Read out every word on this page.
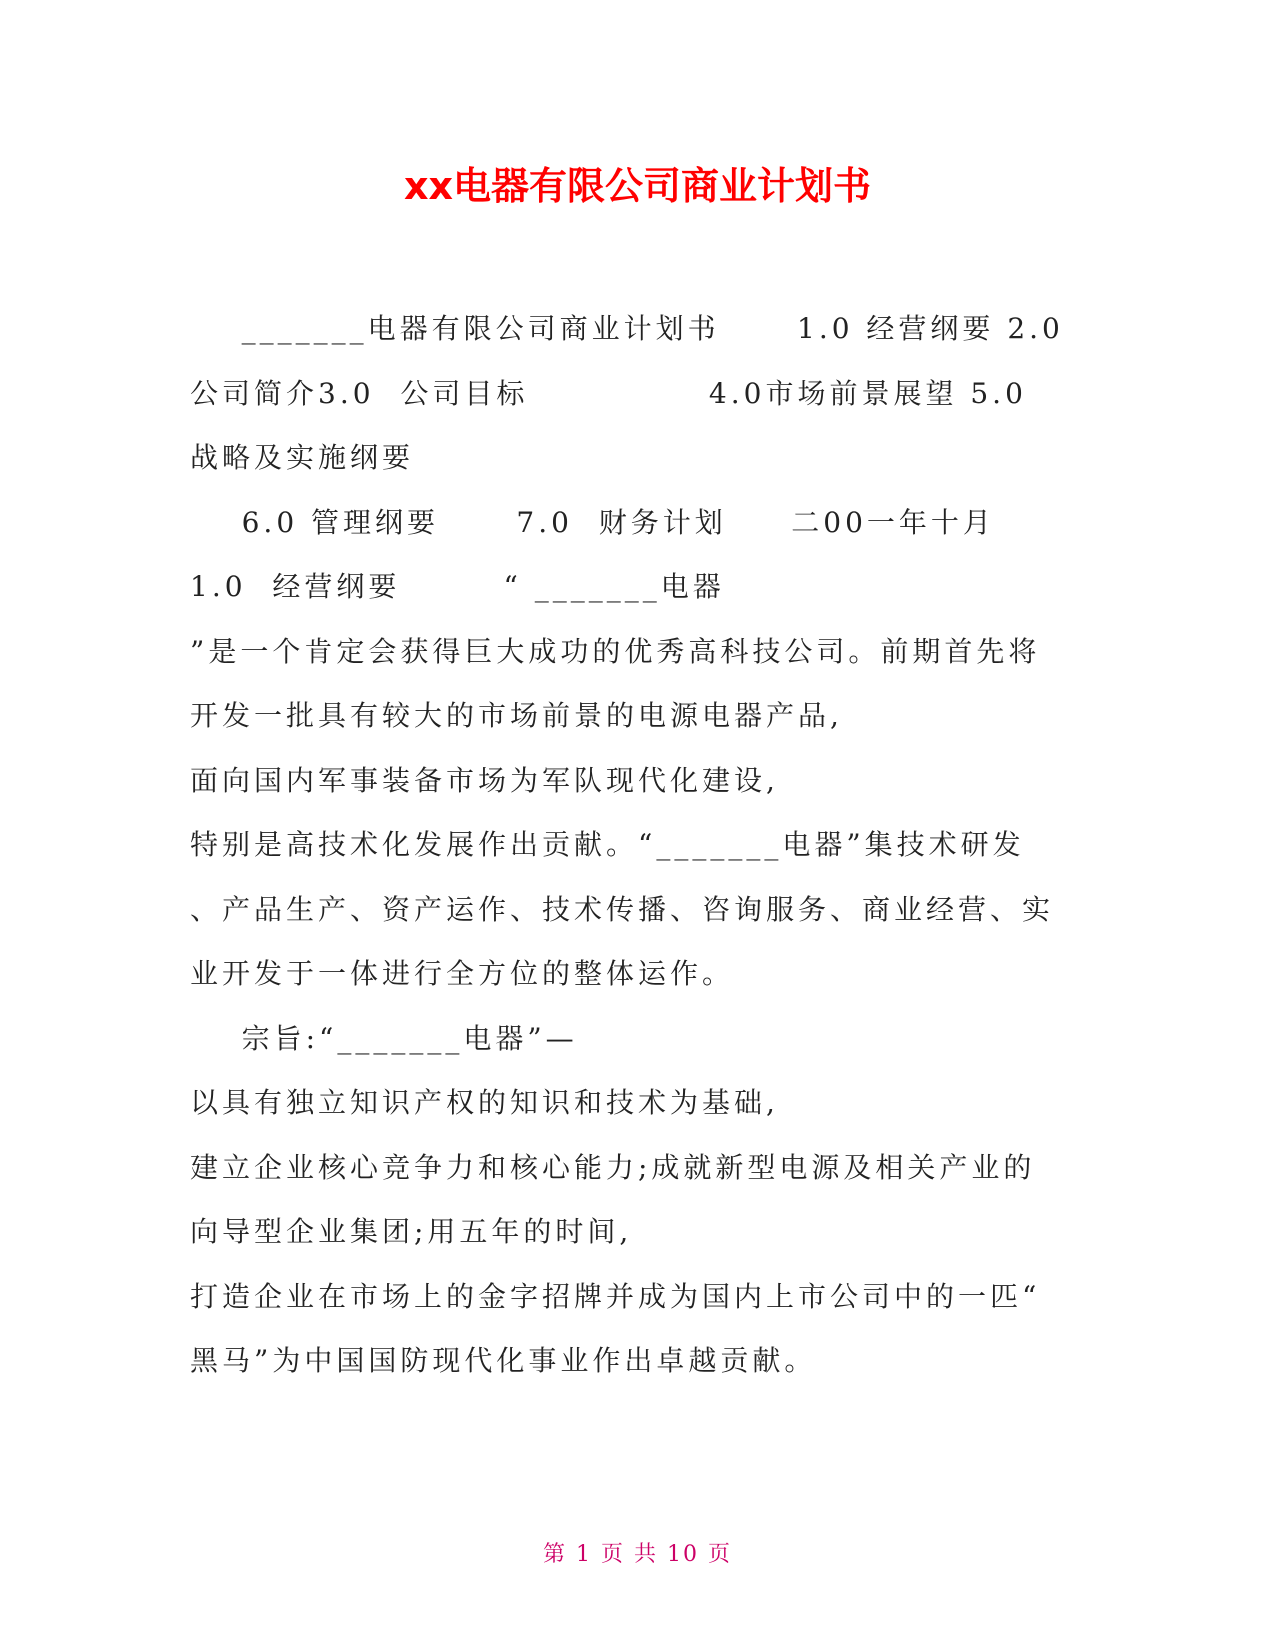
xx电器有限公司商业计划书

_______电器有限公司商业计划书      1.0 经营纲要 2.0

公司简介3.0  公司目标              4.0市场前景展望 5.0

战略及实施纲要

6.0 管理纲要      7.0  财务计划     二00一年十月

1.0  经营纲要        “ _______电器

”是一个肯定会获得巨大成功的优秀高科技公司。前期首先将

开发一批具有较大的市场前景的电源电器产品,

面向国内军事装备市场为军队现代化建设,

特别是高技术化发展作出贡献。“_______电器”集技术研发

、产品生产、资产运作、技术传播、咨询服务、商业经营、实

业开发于一体进行全方位的整体运作。

宗旨:“_______电器”—

以具有独立知识产权的知识和技术为基础,

建立企业核心竞争力和核心能力;成就新型电源及相关产业的

向导型企业集团;用五年的时间,

打造企业在市场上的金字招牌并成为国内上市公司中的一匹“

黑马”为中国国防现代化事业作出卓越贡献。

第 1 页 共 10 页
